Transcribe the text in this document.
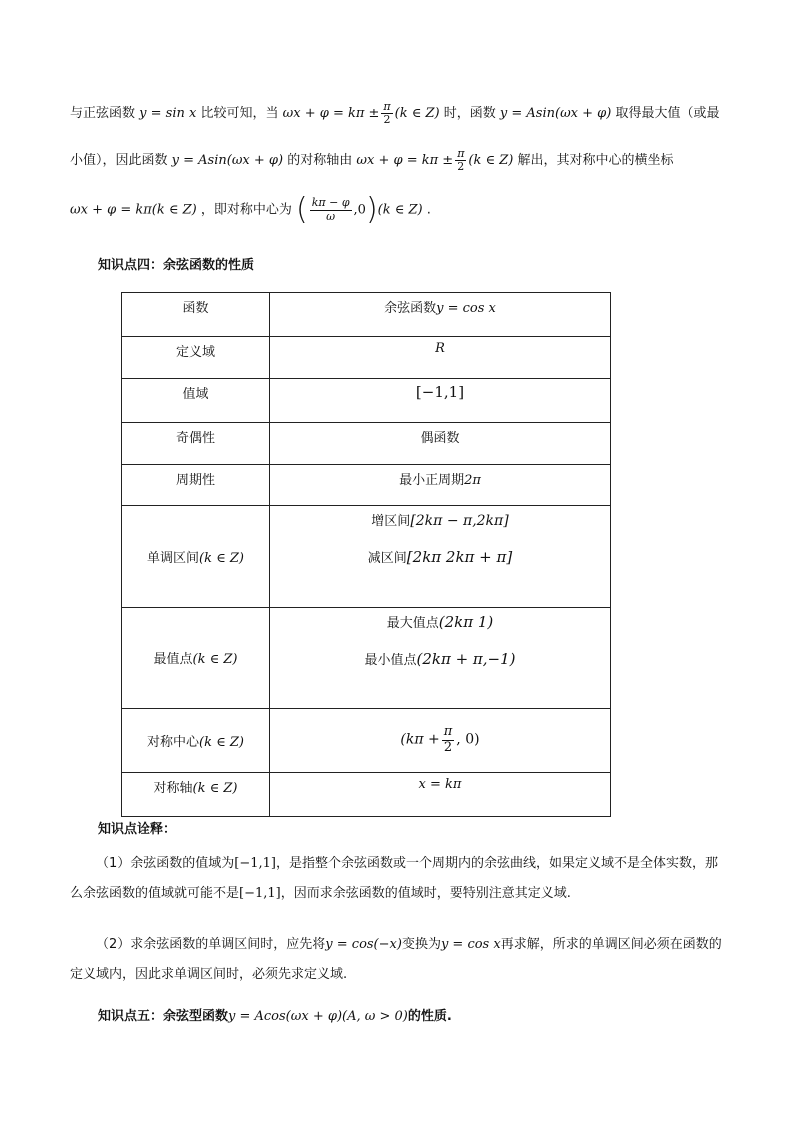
与正弦函数 y = sin x 比较可知，当 $\omega x + \varphi = k\pi \pm \frac{\pi}{2} (k$ ∈ Z) 时，函数 y = Asin(ωx + φ) 取得最大值（或最
小值），因此函数 y = Asin(ωx + φ) 的对称轴由 $\omega x + \varphi = k\pi \pm \frac{\pi}{2} (k$ ∈ Z) 解出，其对称中心的横坐标
ωx + φ = kπ(k ∈ Z) ，即对称中心为 ( $\frac{k\pi - \varphi}{\omega} ,0)(k$ ∈ Z) .
知识点四：余弦函数的性质
函数	余弦函数y = cos x
定义域	R
值域	[−1,1]
奇偶性	偶函数
周期性	最小正周期2π
单调区间(k ∈ Z)	增区间[2kπ − π,2kπ]
减区间[2kπ 2kπ + π]

最值点(k ∈ Z)	最大值点(2kπ 1)
最小值点(2kπ + π,−1)

对称中心(k ∈ Z)	($k\pi + \frac{\pi}{2}$ , 0)
对称轴(k ∈ Z)	x = kπ
知识点诠释：
（1）余弦函数的值域为[−1,1]，是指整个余弦函数或一个周期内的余弦曲线，如果定义域不是全体实数，那么余弦函数的值域就可能不是[−1,1]，因而求余弦函数的值域时，要特别注意其定义域.
（2）求余弦函数的单调区间时，应先将y = cos(−x)变换为y = cos x再求解，所求的单调区间必须在函数的定义域内，因此求单调区间时，必须先求定义域.
知识点五：余弦型函数y = Acos(ωx + φ)(A, ω > 0)的性质.
